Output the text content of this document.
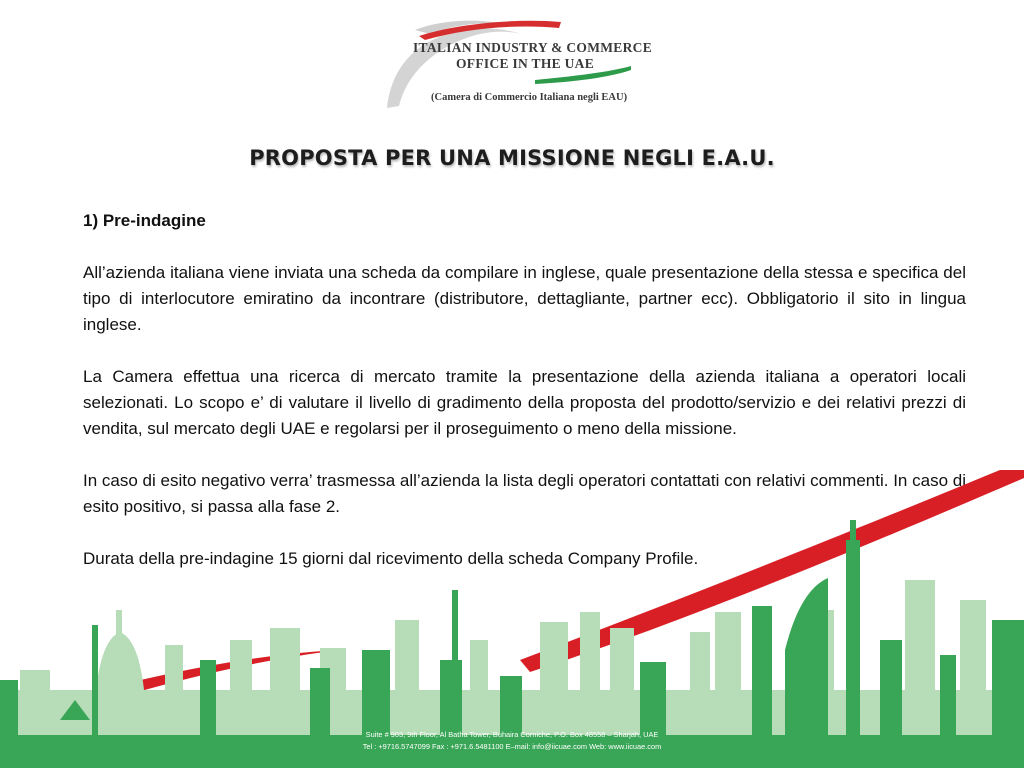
ITALIAN INDUSTRY & COMMERCE
OFFICE IN THE UAE
(Camera di Commercio Italiana negli EAU)
PROPOSTA PER UNA MISSIONE NEGLI E.A.U.
1) Pre-indagine

All’azienda italiana viene inviata una scheda da compilare in inglese, quale presentazione della stessa e specifica del tipo di interlocutore emiratino da incontrare (distributore, dettagliante, partner ecc). Obbligatorio il sito in lingua inglese.

La Camera effettua una ricerca di mercato tramite la presentazione della azienda italiana a operatori locali selezionati. Lo scopo e’ di valutare il livello di gradimento della proposta del prodotto/servizio e dei relativi prezzi di vendita, sul mercato degli UAE e regolarsi per il proseguimento o meno della missione.

In caso di esito negativo verra’ trasmessa all’azienda la lista degli operatori contattati con relativi commenti. In caso di esito positivo, si passa alla fase 2.

Durata della pre-indagine 15 giorni dal ricevimento della scheda Company Profile.

Suite # 903, 9th Floor, Al Batha Tower, Buhaira Corniche, P.O. Box 48558 – Sharjah, UAE
Tel : +9716.5747099 Fax : +971.6.5481100 E–mail: info@iicuae.com Web: www.iicuae.com
